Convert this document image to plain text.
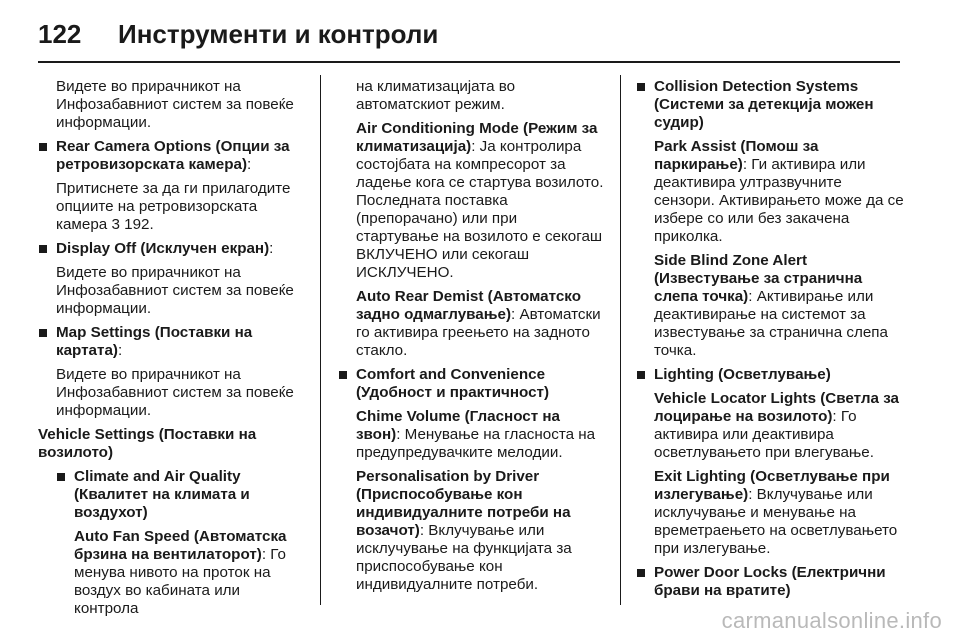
122	Инструменти и контроли

Видете во прирачникот на Инфозабавниот систем за повеќе информации.

Rear Camera Options (Опции за ретровизорската камера):

Притиснете за да ги прилагодите опциите на ретровизорската камера 3 192.

Display Off (Исклучен екран):

Видете во прирачникот на Инфозабавниот систем за повеќе информации.

Map Settings (Поставки на картата):

Видете во прирачникот на Инфозабавниот систем за повеќе информации.

Vehicle Settings (Поставки на возилото)

Climate and Air Quality (Квалитет на климата и воздухот)

Auto Fan Speed (Автоматска брзина на вентилаторот): Го менува нивото на проток на воздух во кабината или контрола

на климатизацијата во автоматскиот режим.

Air Conditioning Mode (Режим за климатизација): Ја контролира состојбата на компресорот за ладење кога се стартува возилото. Последната поставка (препорачано) или при стартување на возилото е секогаш ВКЛУЧЕНО или секогаш ИСКЛУЧЕНО.

Auto Rear Demist (Автоматско задно одмаглување): Автоматски го активира греењето на задното стакло.

Comfort and Convenience (Удобност и практичност)

Chime Volume (Гласност на звон): Менување на гласноста на предупредувачките мелодии.

Personalisation by Driver (Приспособување кон индивидуалните потреби на возачот): Вклучување или исклучување на функцијата за приспособување кон индивидуалните потреби.

Collision Detection Systems (Системи за детекција можен судир)

Park Assist (Помош за паркирање): Ги активира или деактивира ултразвучните сензори. Активирањето може да се избере со или без закачена приколка.

Side Blind Zone Alert (Известување за странична слепа точка): Активирање или деактивирање на системот за известување за странична слепа точка.

Lighting (Осветлување)

Vehicle Locator Lights (Светла за лоцирање на возилото): Го активира или деактивира осветлувањето при влегување.

Exit Lighting (Осветлување при излегување): Вклучување или исклучување и менување на времетраењето на осветлувањето при излегување.

Power Door Locks (Електрични брави на вратите)

carmanualsonline.info
